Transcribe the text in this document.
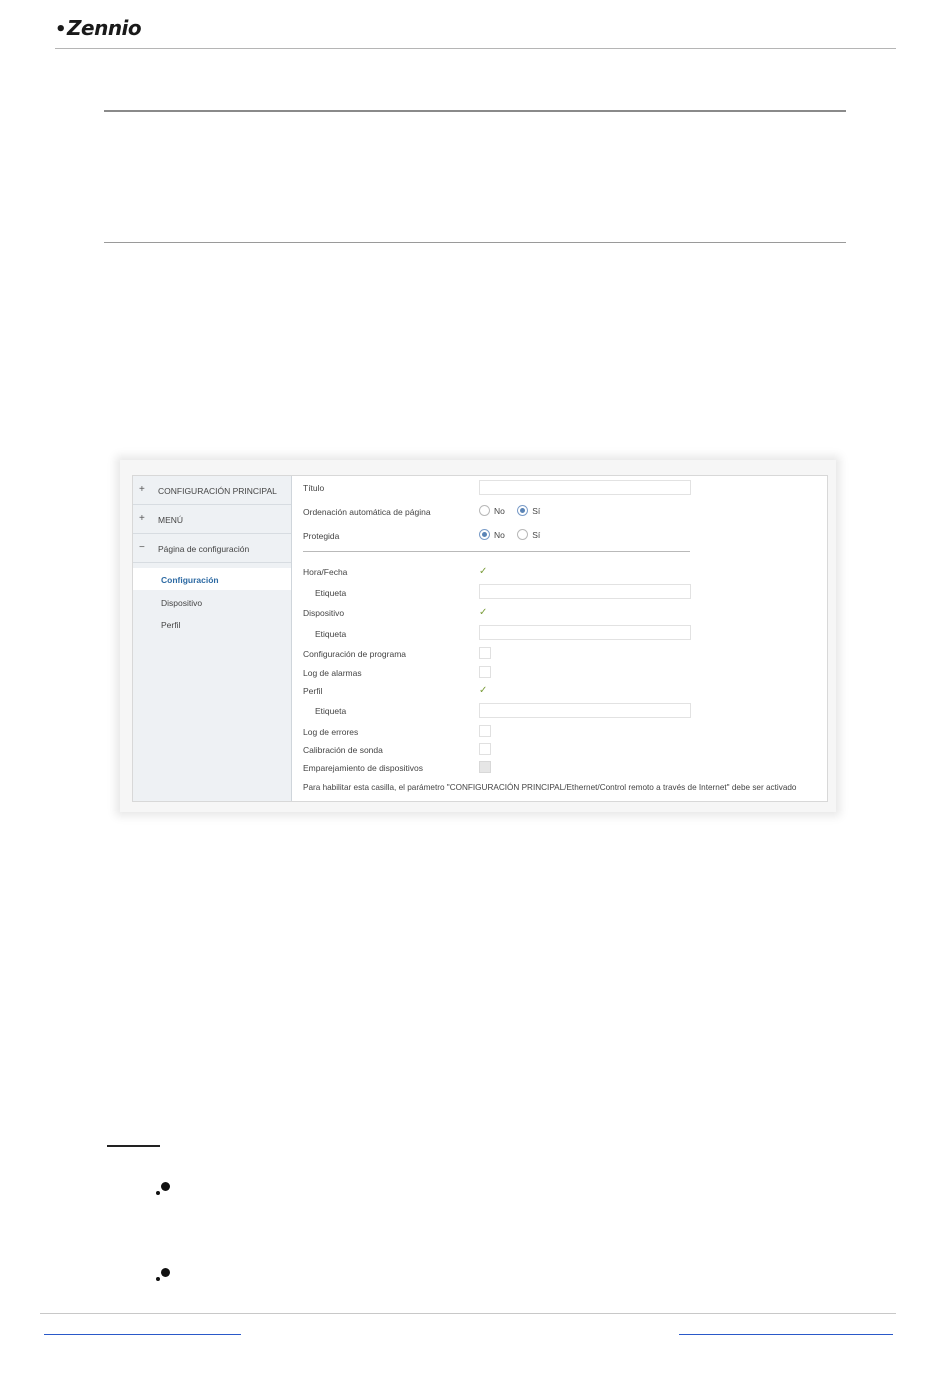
•Zennio
+	CONFIGURACIÓN PRINCIPAL
+	MENÚ
−	Página de configuración
Configuración
Dispositivo
Perfil
Título
Ordenación automática de página	No	Sí
Protegida	No	Sí
Hora/Fecha	✓
Etiqueta
Dispositivo	✓
Etiqueta
Configuración de programa
Log de alarmas
Perfil	✓
Etiqueta
Log de errores
Calibración de sonda
Emparejamiento de dispositivos
Para habilitar esta casilla, el parámetro "CONFIGURACIÓN PRINCIPAL/Ethernet/Control remoto a través de Internet" debe ser activado
